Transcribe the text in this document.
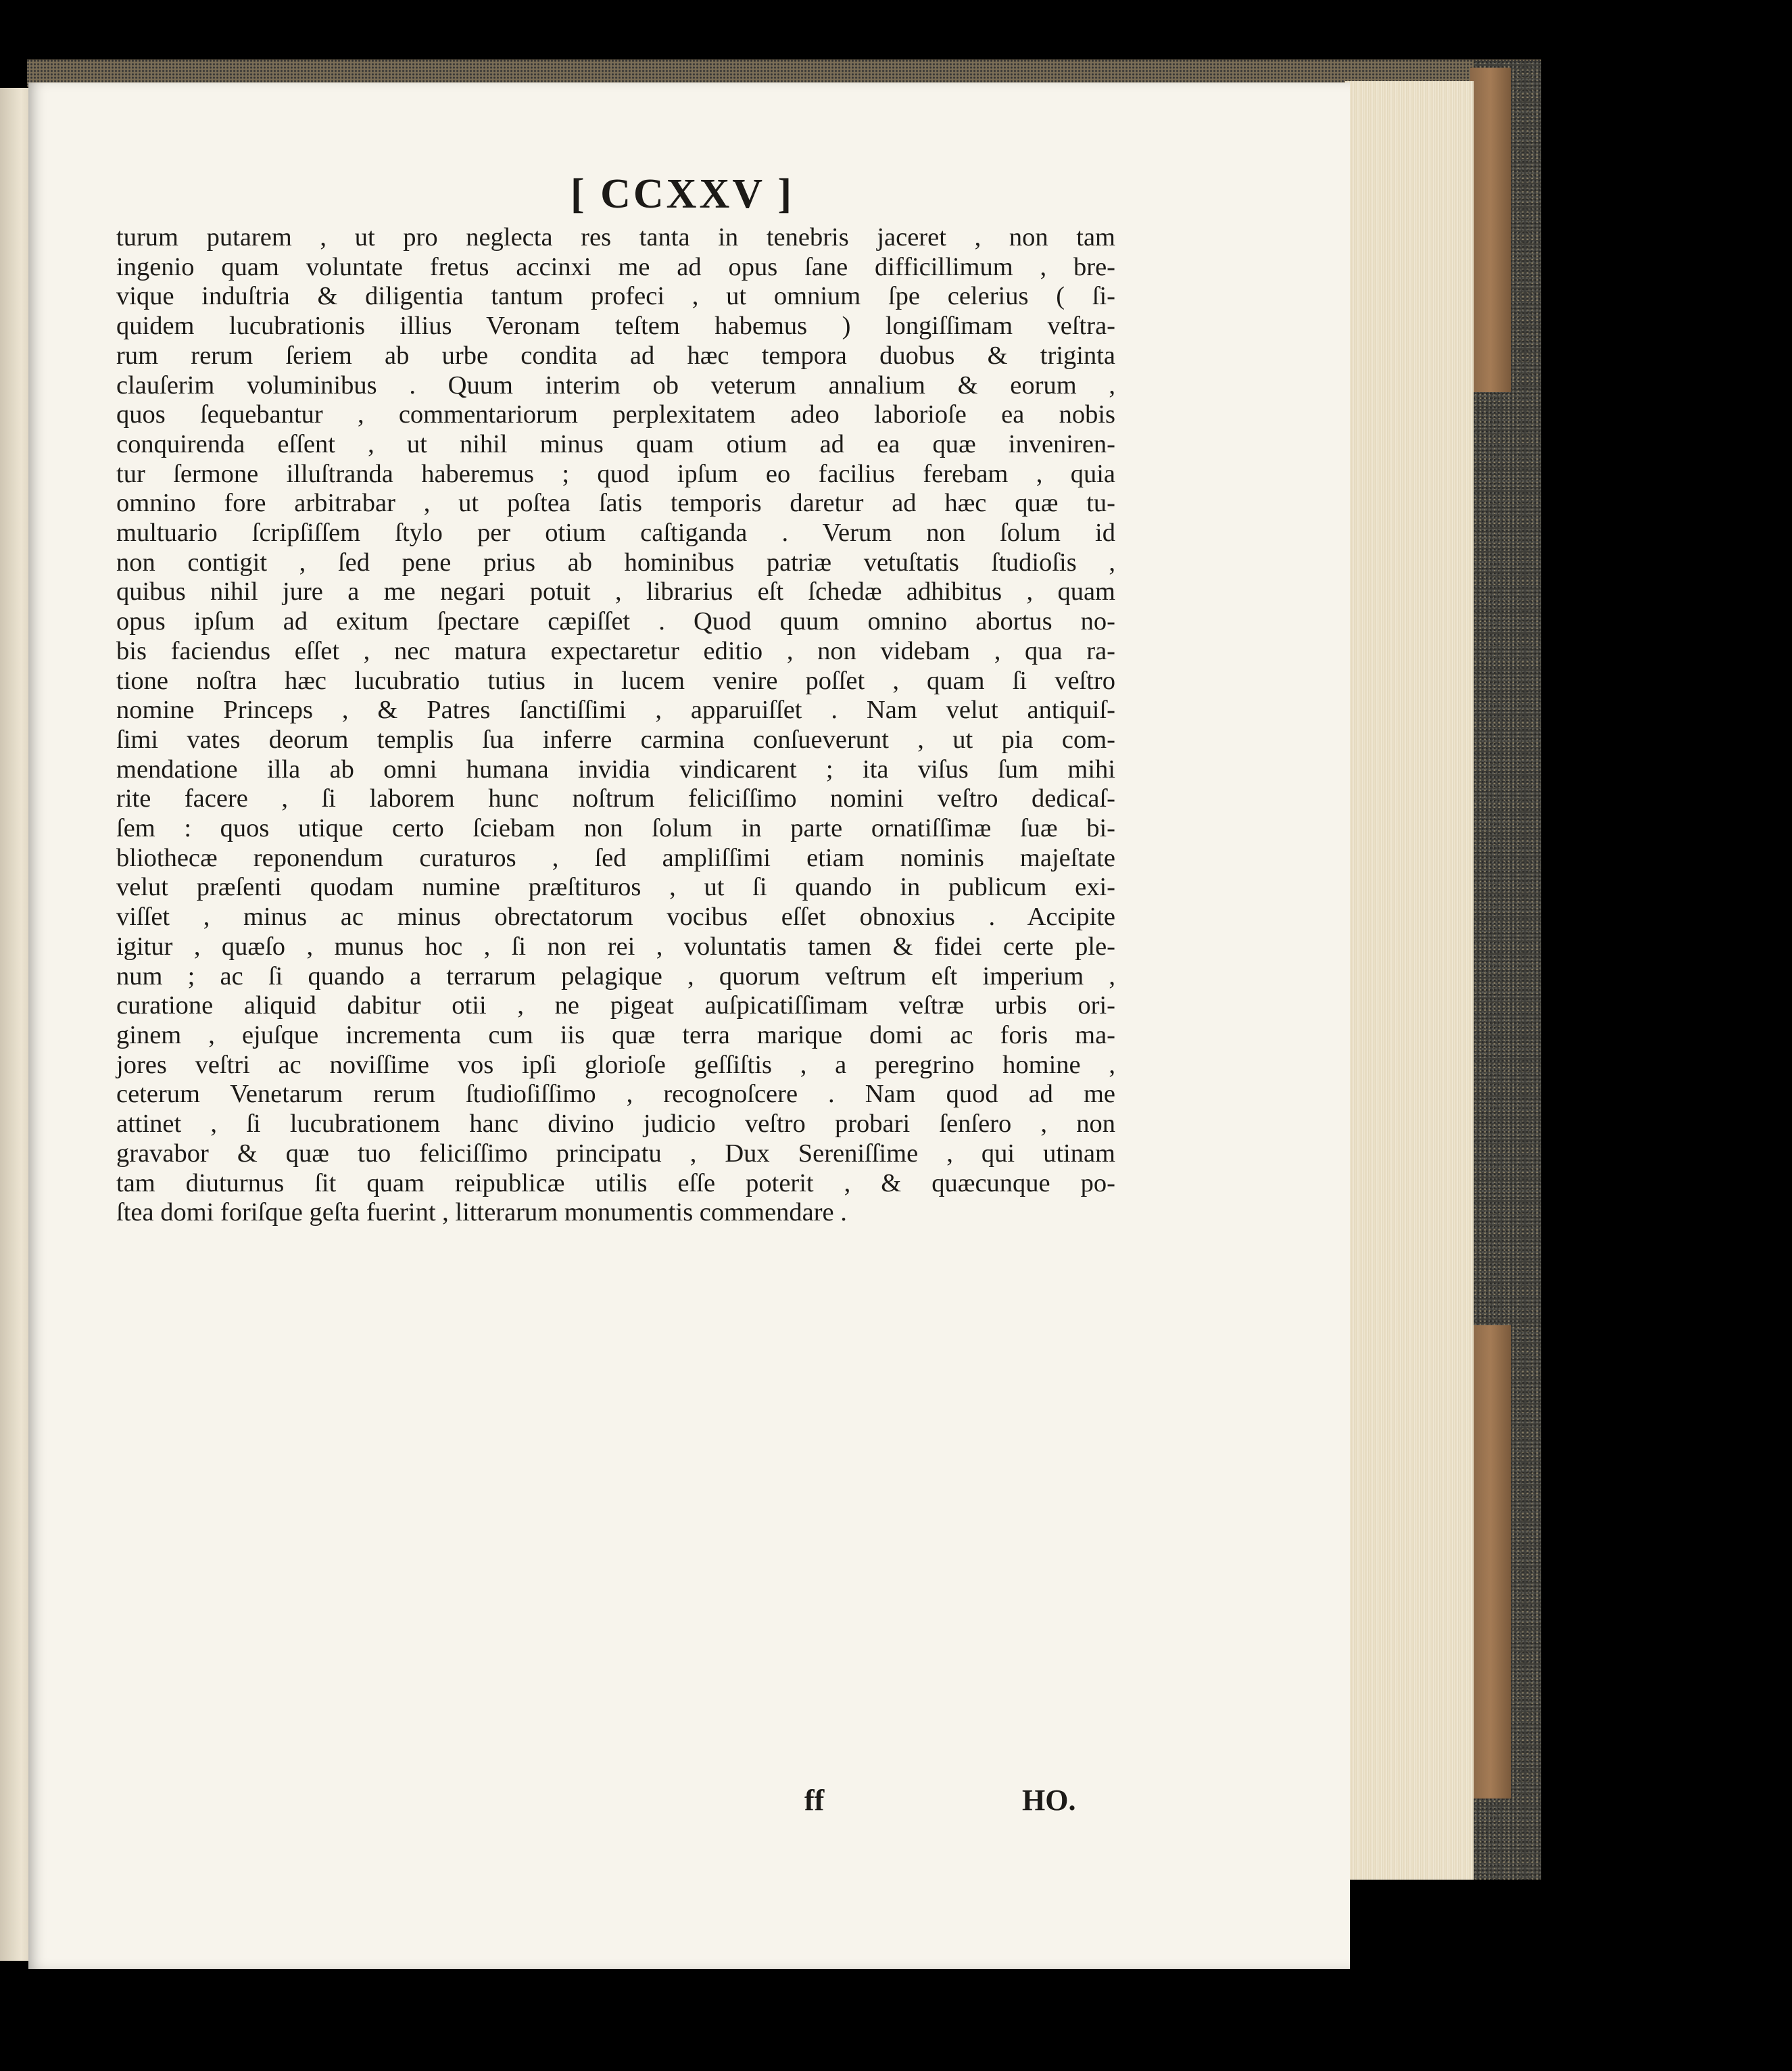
[ CCXXV ]
turum putarem , ut pro neglecta res tanta in tenebris jaceret , non tam
ingenio quam voluntate fretus accinxi me ad opus ſane difficillimum , bre-
vique induſtria & diligentia tantum profeci , ut omnium ſpe celerius ( ſi-
quidem lucubrationis illius Veronam teſtem habemus ) longiſſimam veſtra-
rum rerum ſeriem ab urbe condita ad hæc tempora duobus & triginta
clauſerim voluminibus . Quum interim ob veterum annalium & eorum ,
quos ſequebantur , commentariorum perplexitatem adeo laborioſe ea nobis
conquirenda eſſent , ut nihil minus quam otium ad ea quæ inveniren-
tur ſermone illuſtranda haberemus ; quod ipſum eo facilius ferebam , quia
omnino fore arbitrabar , ut poſtea ſatis temporis daretur ad hæc quæ tu-
multuario ſcripſiſſem ſtylo per otium caſtiganda . Verum non ſolum id
non contigit , ſed pene prius ab hominibus patriæ vetuſtatis ſtudioſis ,
quibus nihil jure a me negari potuit , librarius eſt ſchedæ adhibitus , quam
opus ipſum ad exitum ſpectare cæpiſſet . Quod quum omnino abortus no-
bis faciendus eſſet , nec matura expectaretur editio , non videbam , qua ra-
tione noſtra hæc lucubratio tutius in lucem venire poſſet , quam ſi veſtro
nomine Princeps , & Patres ſanctiſſimi , apparuiſſet . Nam velut antiquiſ-
ſimi vates deorum templis ſua inferre carmina conſueverunt , ut pia com-
mendatione illa ab omni humana invidia vindicarent ; ita viſus ſum mihi
rite facere , ſi laborem hunc noſtrum feliciſſimo nomini veſtro dedicaſ-
ſem : quos utique certo ſciebam non ſolum in parte ornatiſſimæ ſuæ bi-
bliothecæ reponendum curaturos , ſed ampliſſimi etiam nominis majeſtate
velut præſenti quodam numine præſtituros , ut ſi quando in publicum exi-
viſſet , minus ac minus obrectatorum vocibus eſſet obnoxius . Accipite
igitur , quæſo , munus hoc , ſi non rei , voluntatis tamen & fidei certe ple-
num ; ac ſi quando a terrarum pelagique , quorum veſtrum eſt imperium ,
curatione aliquid dabitur otii , ne pigeat auſpicatiſſimam veſtræ urbis ori-
ginem , ejuſque incrementa cum iis quæ terra marique domi ac foris ma-
jores veſtri ac noviſſime vos ipſi glorioſe geſſiſtis , a peregrino homine ,
ceterum Venetarum rerum ſtudioſiſſimo , recognoſcere . Nam quod ad me
attinet , ſi lucubrationem hanc divino judicio veſtro probari ſenſero , non
gravabor & quæ tuo feliciſſimo principatu , Dux Sereniſſime , qui utinam
tam diuturnus ſit quam reipublicæ utilis eſſe poterit , & quæcunque po-
ſtea domi foriſque geſta fuerint , litterarum monumentis commendare .
ff	HO.
